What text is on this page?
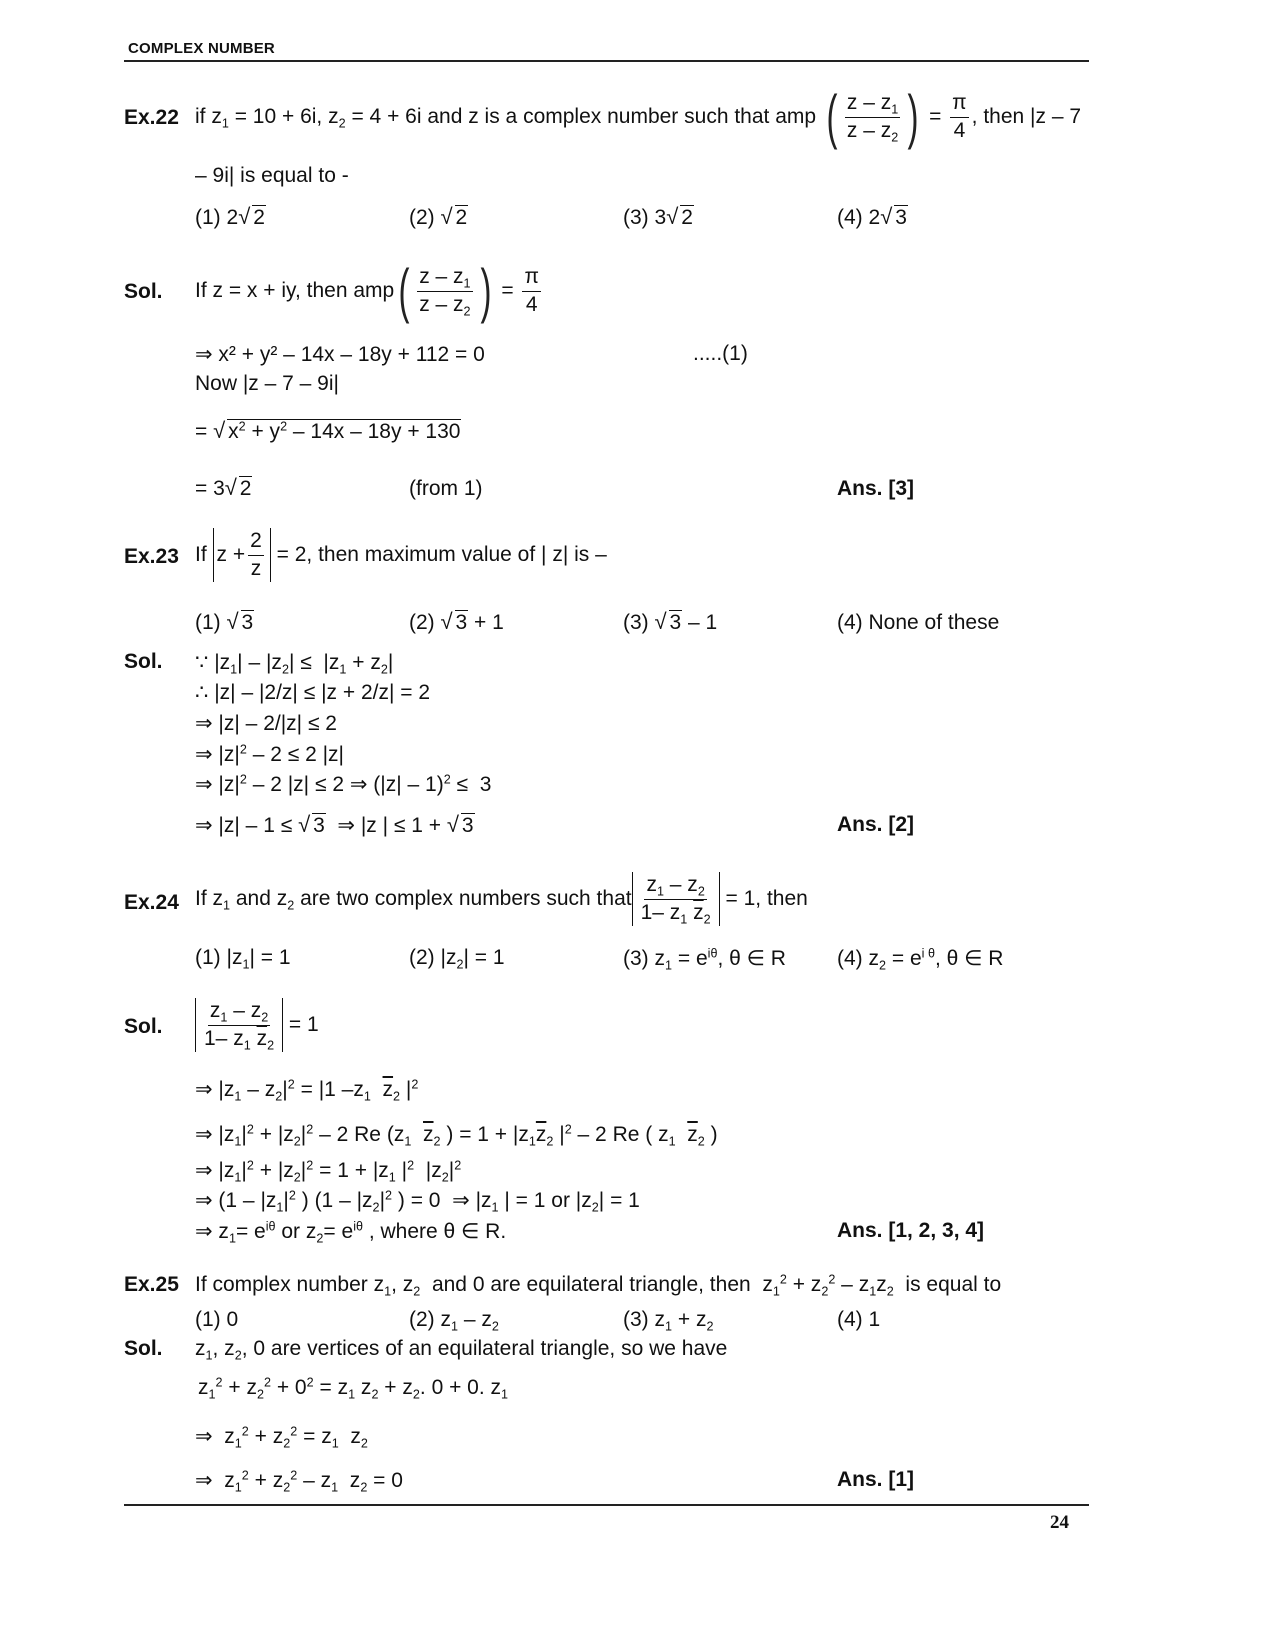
COMPLEX NUMBER
Ex.22 if $z_1 = 10 + 6i$, $z_2 = 4 + 6i$ and z is a complex number such that amp ( $\frac{z - z_1}{z - z_2}$ ) = $\frac{\pi}{4}$ , then |z – 7
– 9i| is equal to -
(1) 2 √ 2	(2) √ 2	(3) 3 √ 2	(4) 2 √ 3
Sol. If z = x + iy, then amp ( $\frac{z - z_1}{z - z_2}$ ) = $\frac{\pi}{4}$
⇒ x² + y² – 14x – 18y + 112 = 0	.....(1)
Now |z – 7 – 9i|
= √ $x^2 + y^2 - 14x - 18y + 130$
= 3 √ 2	(from 1)	Ans. [3]
Ex.23 If $z + \frac{2}{z} = 2$, then maximum value of | z| is –
(1) √ 3	(2) √ 3 + 1	(3) √ 3 – 1	(4) None of these
Sol. ∵ $|z_1| - |z_2| \le |z_1 + z_2|$
∴ |z| – |2/z| ≤ |z + 2/z| = 2
⇒ |z| – 2/|z| ≤ 2
⇒ $|z|^2 - 2 \le 2$ |z|
⇒ $|z|^2 - 2$ |z| ≤ 2 ⇒ (|z| – 1)$^2$ ≤  3
⇒ |z| – 1 ≤ √ 3  ⇒ |z | ≤ 1 + √ 3	Ans. [2]
Ex.24 If $z_1$ and $z_2$ are two complex numbers such that $\frac{z_1 - z_2}{1- z_1 \overline{z}_2} = 1$, then
(1) $|z_1| = 1$	(2) $|z_2| = 1$	(3) $z_1 = e^{i\theta}$, θ ∈ R (4) $z_2 = e^{i \theta}$, θ ∈ R
Sol. $\frac{z_1 - z_2}{1- z_1 \overline{z}_2} = 1$
⇒ $|z_1 - z_2|^2 = |1$ $-z_1$ $\overline{z}_2$ $|^2$
⇒ $|z_1|^2 + |z_2|^2 - 2$ Re ($z_1$ $\overline{z}_2$ ) = $1 + |z_1\overline{z}_2$ $|^2 - 2$ Re ( $z_1$ $\overline{z}_2$ )
⇒ $|z_1|^2 + |z_2|^2 = 1 + |z_1$ $|^2$  $|z_2|^2$
⇒ ($1 - |z_1|^2$ ) ($1 - |z_2|^2$ ) = 0  ⇒ $|z_1$ | = 1 or $|z_2| = 1$
⇒ $z_1= e^{i\theta}$ or $z_2= e^{i\theta}$ , where θ ∈ R.	Ans. [1, 2, 3, 4]
Ex.25 If complex number $z_1$, $z_2$  and 0 are equilateral triangle, then  $z_1^2 + z_2^2 - z_1z_2$  is equal to
(1) 0	(2) $z_1 - z_2$	(3) $z_1 + z_2$	(4) 1
Sol. $z_1$, $z_2$, 0 are vertices of an equilateral triangle, so we have
$z_1^2 + z_2^2 + 0^2 = z_1$ $z_2 + z_2$. 0 + 0. $z_1$
⇒  $z_1^2 + z_2^2 = z_1$  $z_2$
⇒  $z_1^2 + z_2^2 - z_1$  $z_2 = 0$	Ans. [1]
24
